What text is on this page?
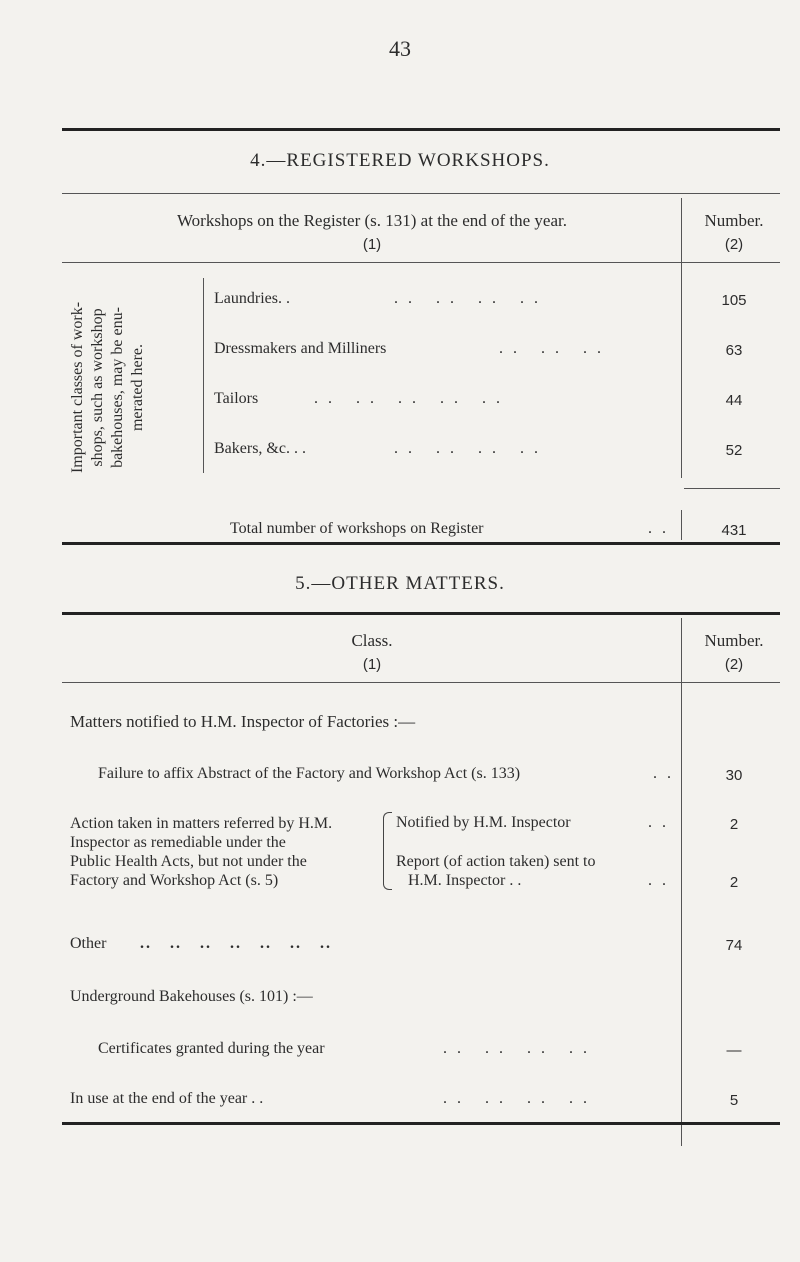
43
4.—REGISTERED WORKSHOPS.
Workshops on the Register (s. 131) at the end of the year.
(1)
Number.
(2)
Important classes of work- shops, such as workshop bakehouses, may be enu- merated here.
Laundries. .	. .   . .   . .   . .	105
Dressmakers and Milliners	. .   . .   . .	63
Tailors	. .   . .   . .   . .   . .	44
Bakers, &c. . .	. .   . .   . .   . .	52
Total number of workshops on Register	. .	431
5.—OTHER MATTERS.
Class.
(1)
Number.
(2)
Matters notified to H.M. Inspector of Factories :—
Failure to affix Abstract of the Factory and Workshop Act (s. 133)	. .	30
Action taken in matters referred by H.M.
Inspector as remediable under the
Public Health Acts, but not under the
Factory and Workshop Act (s. 5)
Notified by H.M. Inspector	. .	2
Report (of action taken) sent to
H.M. Inspector . .	. .	2
Other ..   ..   ..   ..   ..   ..   ..	74
Underground Bakehouses (s. 101) :—
Certificates granted during the year	. .   . .   . .   . .	—
In use at the end of the year . .	. .   . .   . .   . .	5
